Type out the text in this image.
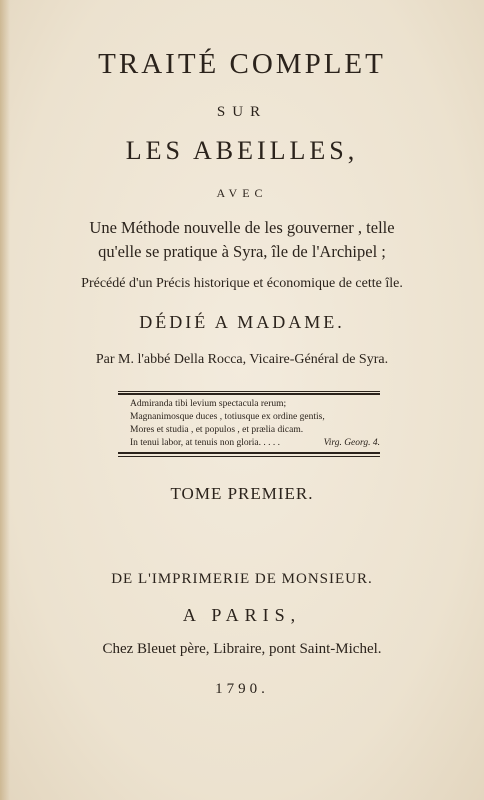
TRAITÉ COMPLET
SUR
LES ABEILLES,
AVEC
Une Méthode nouvelle de les gouverner , telle
qu'elle se pratique à Syra, île de l'Archipel ;
Précédé d'un Précis historique et économique de cette île.
DÉDIÉ A MADAME.
Par M. l'abbé Della Rocca, Vicaire-Général de Syra.
Admiranda tibi levium spectacula rerum;
Magnanimosque duces , totiusque ex ordine gentis,
Mores et studia , et populos , et prælia dicam.
In tenui labor, at tenuis non gloria. . . . .	Virg. Georg. 4.
TOME PREMIER.
DE L'IMPRIMERIE DE MONSIEUR.
A PARIS,
Chez Bleuet père, Libraire, pont Saint-Michel.
1790.
